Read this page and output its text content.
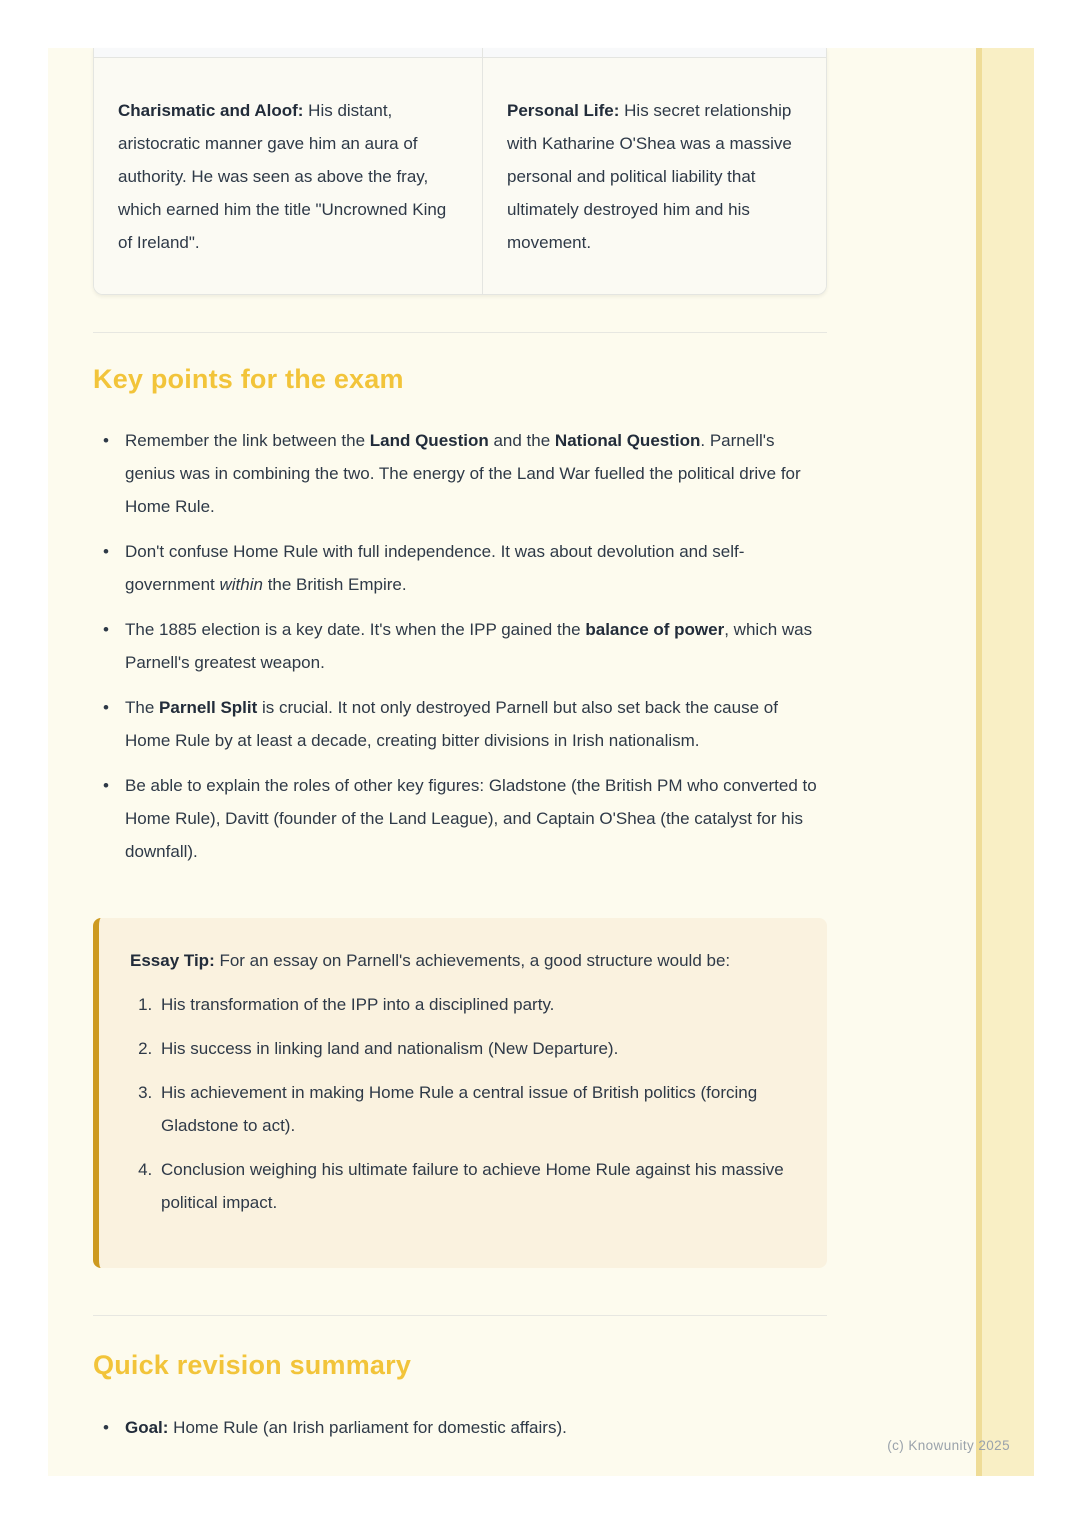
Charismatic and Aloof: His distant, aristocratic manner gave him an aura of authority. He was seen as above the fray, which earned him the title "Uncrowned King of Ireland".

Personal Life: His secret relationship with Katharine O'Shea was a massive personal and political liability that ultimately destroyed him and his movement.

Key points for the exam
• Remember the link between the Land Question and the National Question. Parnell's genius was in combining the two. The energy of the Land War fuelled the political drive for Home Rule.
• Don't confuse Home Rule with full independence. It was about devolution and self-government within the British Empire.
• The 1885 election is a key date. It's when the IPP gained the balance of power, which was Parnell's greatest weapon.
• The Parnell Split is crucial. It not only destroyed Parnell but also set back the cause of Home Rule by at least a decade, creating bitter divisions in Irish nationalism.
• Be able to explain the roles of other key figures: Gladstone (the British PM who converted to Home Rule), Davitt (founder of the Land League), and Captain O'Shea (the catalyst for his downfall).

Essay Tip: For an essay on Parnell's achievements, a good structure would be:

1. His transformation of the IPP into a disciplined party.
2. His success in linking land and nationalism (New Departure).
3. His achievement in making Home Rule a central issue of British politics (forcing Gladstone to act).
4. Conclusion weighing his ultimate failure to achieve Home Rule against his massive political impact.
Quick revision summary
• Goal: Home Rule (an Irish parliament for domestic affairs).
(c) Knowunity 2025
